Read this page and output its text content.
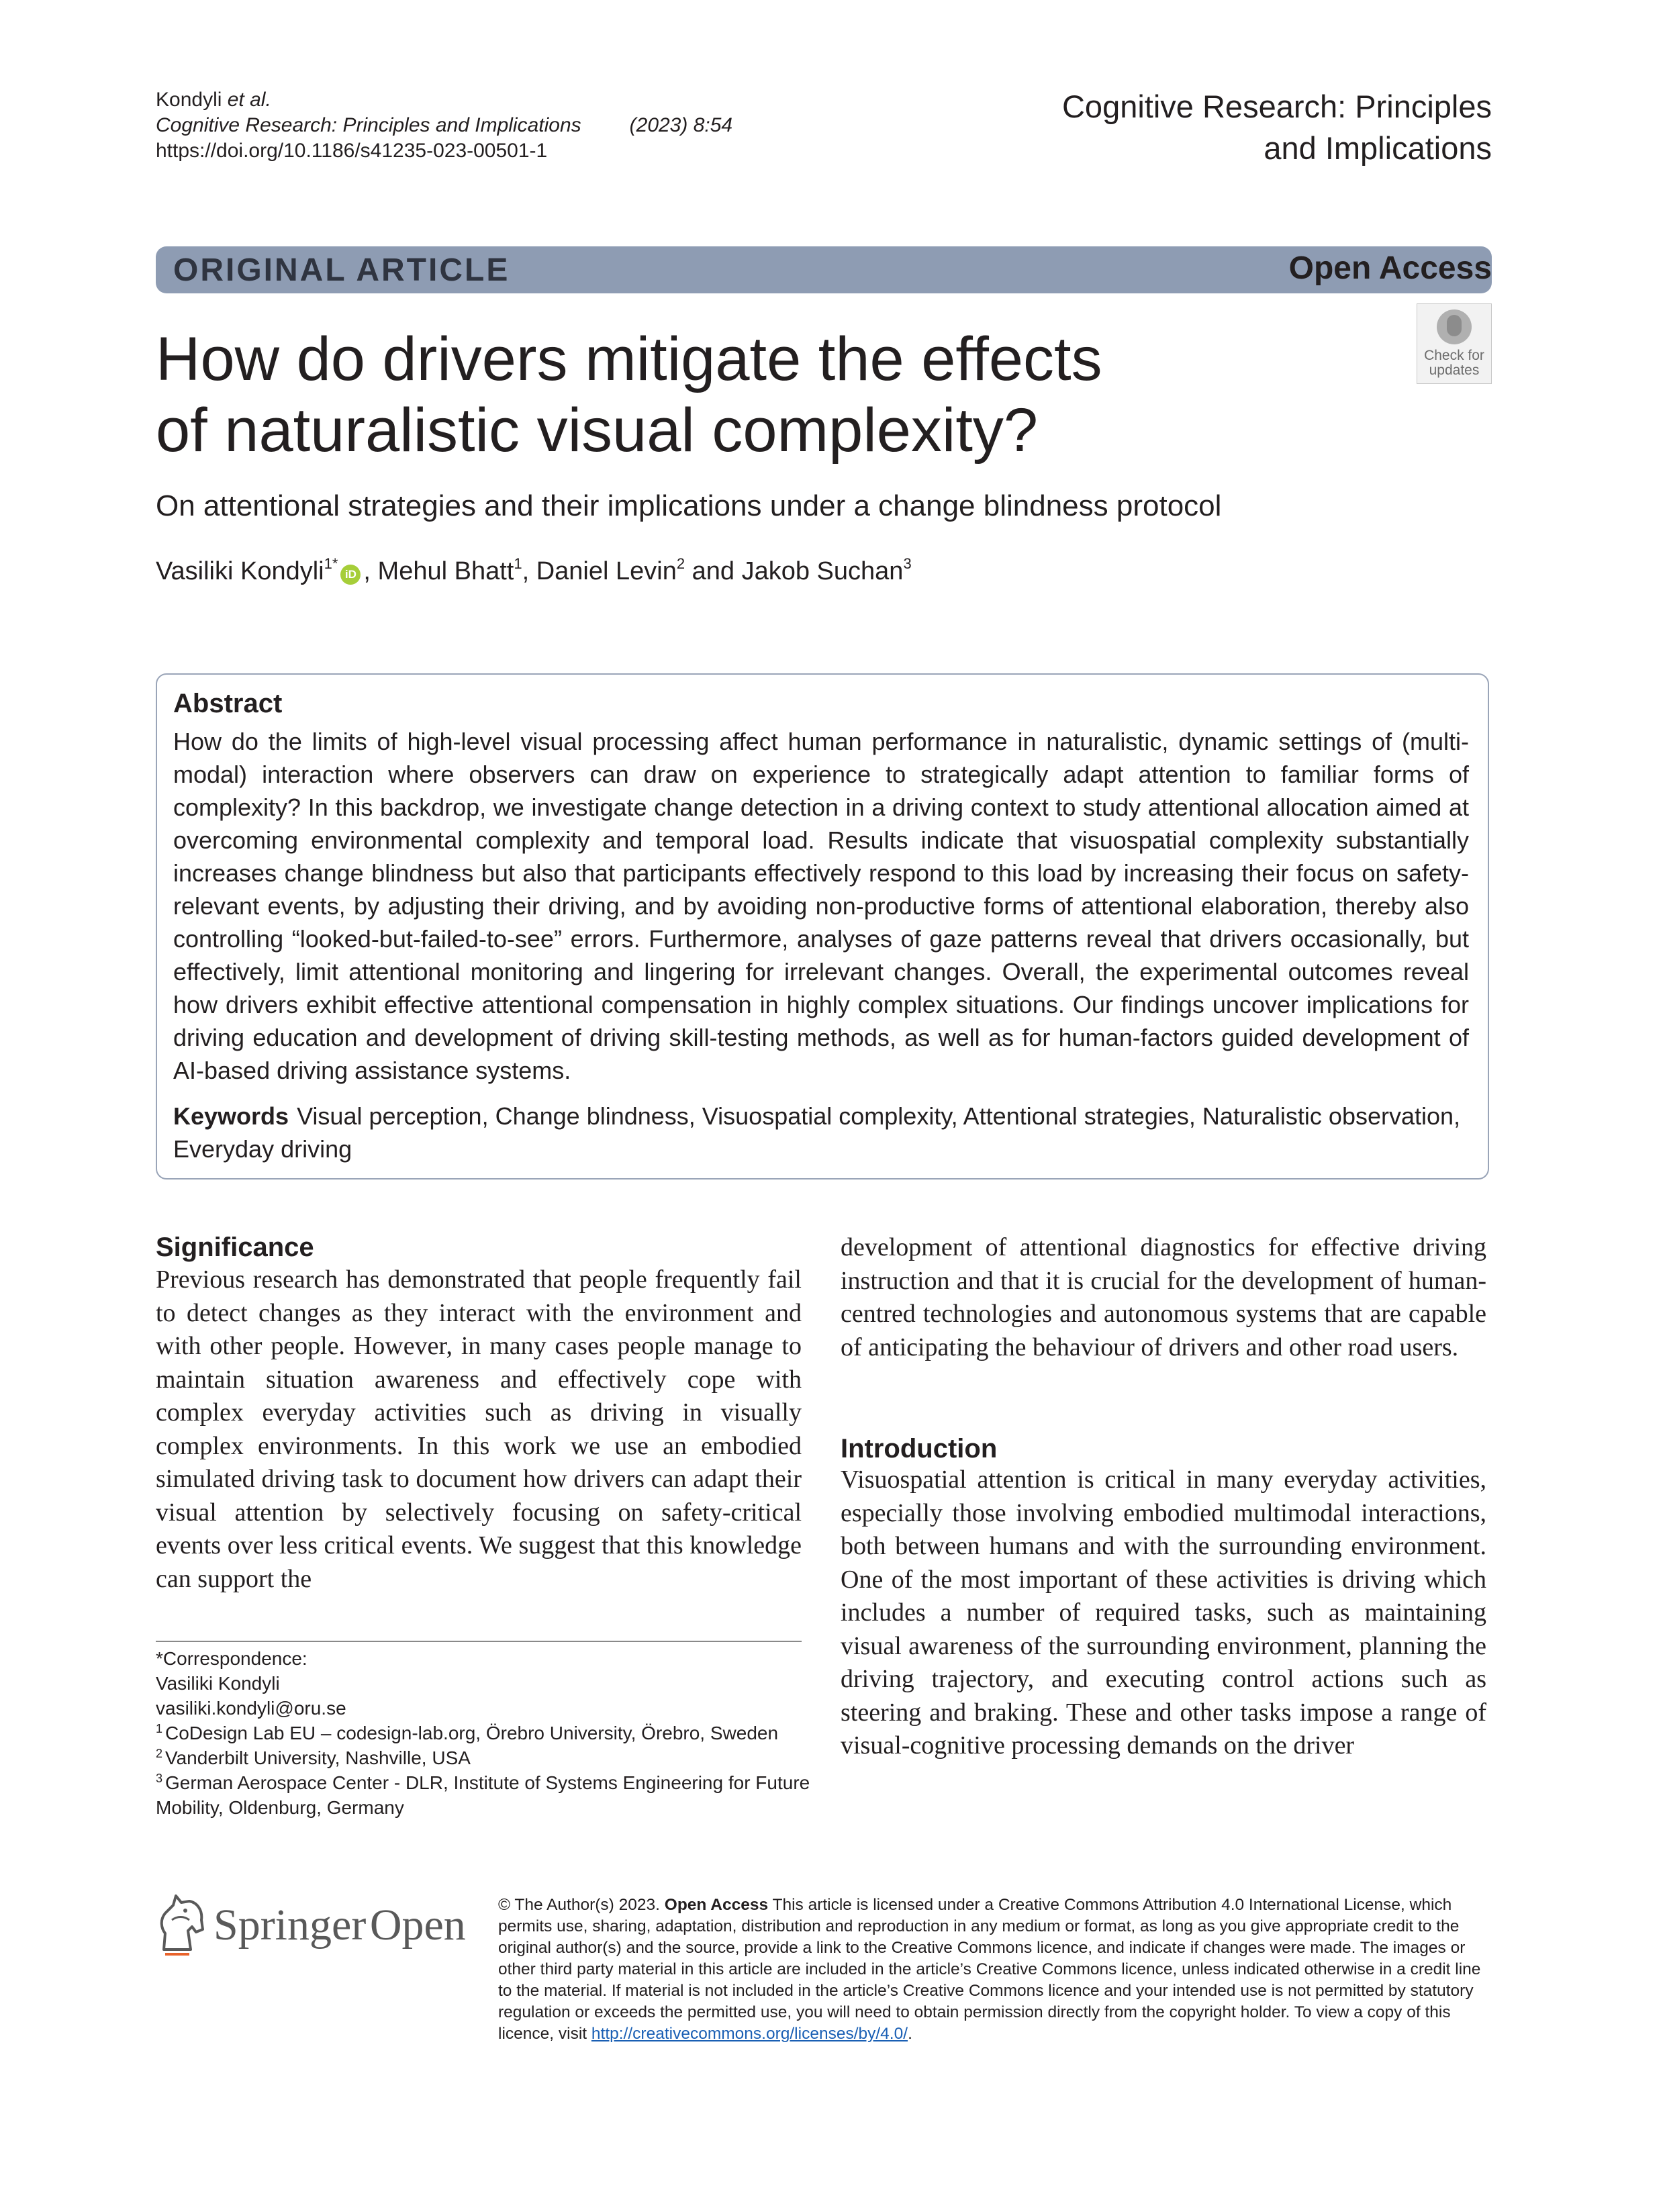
Kondyli
et al.
Cognitive Research: Principles and Implications (2023) 8:54
https://doi.org/10.1186/s41235-023-00501-1
Cognitive Research: Principles
and Implications
ORIGINAL ARTICLE	Open Access
Check for
updates
How do drivers mitigate the effects
of naturalistic visual complexity?
On attentional strategies and their implications under a change blindness protocol
Vasiliki Kondyli$^{1*}$iD , Mehul Bhatt$^1$, Daniel Levin$^2$ and Jakob Suchan$^3$
Abstract
How do the limits of high-level visual processing affect human performance in naturalistic, dynamic settings of (multi-modal) interaction where observers can draw on experience to strategically adapt attention to familiar forms of complexity? In this backdrop, we investigate change detection in a driving context to study attentional allocation aimed at overcoming environmental complexity and temporal load. Results indicate that visuospatial complexity substantially increases change blindness but also that participants effectively respond to this load by increasing their focus on safety-relevant events, by adjusting their driving, and by avoiding non-productive forms of attentional elaboration, thereby also controlling “looked-but-failed-to-see” errors. Furthermore, analyses of gaze patterns reveal that drivers occasionally, but effectively, limit attentional monitoring and lingering for irrelevant changes. Overall, the experimental outcomes reveal how drivers exhibit effective attentional compensation in highly complex situations. Our findings uncover implications for driving education and development of driving skill-testing methods, as well as for human-factors guided development of AI-based driving assistance systems.
Keywords Visual perception, Change blindness, Visuospatial complexity, Attentional strategies, Naturalistic observation, Everyday driving
Significance
Previous research has demonstrated that people frequently fail to detect changes as they interact with the environment and with other people. However, in many cases people manage to maintain situation awareness and effectively cope with complex everyday activities such as driving in visually complex environments. In this work we use an embodied simulated driving task to document how drivers can adapt their visual attention by selectively focusing on safety-critical events over less critical events. We suggest that this knowledge can support the
development of attentional diagnostics for effective driving instruction and that it is crucial for the development of human-centred technologies and autonomous systems that are capable of anticipating the behaviour of drivers and other road users.
Introduction
Visuospatial attention is critical in many everyday activities, especially those involving embodied multimodal interactions, both between humans and with the surrounding environment. One of the most important of these activities is driving which includes a number of required tasks, such as maintaining visual awareness of the surrounding environment, planning the driving trajectory, and executing control actions such as steering and braking. These and other tasks impose a range of visual-cognitive processing demands on the driver
*Correspondence:
Vasiliki Kondyli
vasiliki.kondyli@oru.se
$^1$ CoDesign Lab EU – codesign-lab.org, Örebro University, Örebro, Sweden
$^2$ Vanderbilt University, Nashville, USA
$^3$ German Aerospace Center - DLR, Institute of Systems Engineering for Future Mobility, Oldenburg, Germany
Springer Open © The Author(s) 2023. Open Access This article is licensed under a Creative Commons Attribution 4.0 International License, which permits use, sharing, adaptation, distribution and reproduction in any medium or format, as long as you give appropriate credit to the original author(s) and the source, provide a link to the Creative Commons licence, and indicate if changes were made. The images or other third party material in this article are included in the article’s Creative Commons licence, unless indicated otherwise in a credit line to the material. If material is not included in the article’s Creative Commons licence and your intended use is not permitted by statutory regulation or exceeds the permitted use, you will need to obtain permission directly from the copyright holder. To view a copy of this licence, visit http://creativecommons.org/licenses/by/4.0/.
